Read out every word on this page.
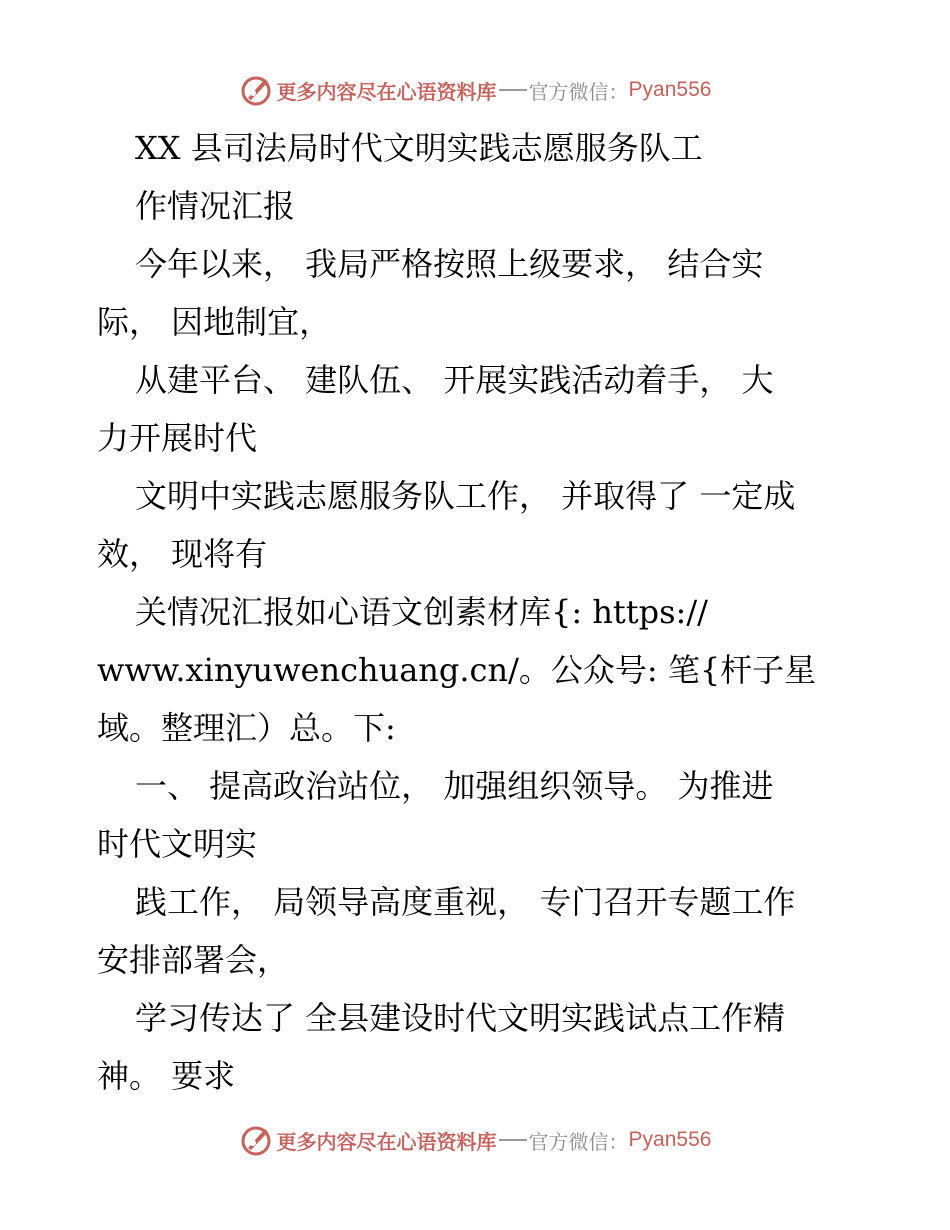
更多内容尽在心语资料库 官方微信： Pyan556
XX 县司法局时代文明实践志愿服务队工
作情况汇报
今年以来， 我局严格按照上级要求， 结合实
际， 因地制宜，
从建平台、 建队伍、 开展实践活动着手， 大
力开展时代
文明中实践志愿服务队工作， 并取得了 一定成
效， 现将有
关情况汇报如心语文创素材库{: https://
www.xinyuwenchuang.cn/。公众号: 笔{杆子星
域。整理汇）总。下:
一、 提高政治站位， 加强组织领导。 为推进
时代文明实
践工作， 局领导高度重视， 专门召开专题工作
安排部署会，
学习传达了 全县建设时代文明实践试点工作精
神。 要求
更多内容尽在心语资料库 官方微信： Pyan556
